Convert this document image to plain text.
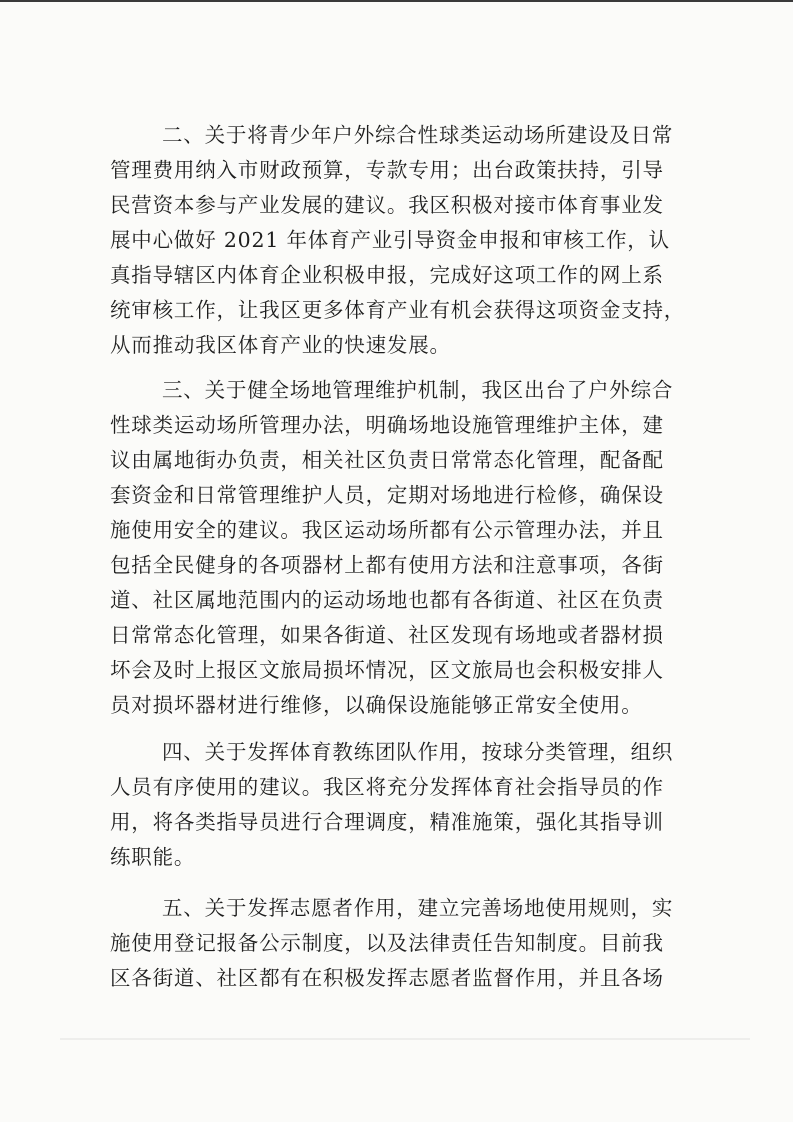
二、关于将青少年户外综合性球类运动场所建设及日常
管理费用纳入市财政预算，专款专用；出台政策扶持，引导
民营资本参与产业发展的建议。我区积极对接市体育事业发
展中心做好 2021 年体育产业引导资金申报和审核工作，认
真指导辖区内体育企业积极申报，完成好这项工作的网上系
统审核工作，让我区更多体育产业有机会获得这项资金支持，
从而推动我区体育产业的快速发展。

三、关于健全场地管理维护机制，我区出台了户外综合
性球类运动场所管理办法，明确场地设施管理维护主体，建
议由属地街办负责，相关社区负责日常常态化管理，配备配
套资金和日常管理维护人员，定期对场地进行检修，确保设
施使用安全的建议。我区运动场所都有公示管理办法，并且
包括全民健身的各项器材上都有使用方法和注意事项，各街
道、社区属地范围内的运动场地也都有各街道、社区在负责
日常常态化管理，如果各街道、社区发现有场地或者器材损
坏会及时上报区文旅局损坏情况，区文旅局也会积极安排人
员对损坏器材进行维修，以确保设施能够正常安全使用。

四、关于发挥体育教练团队作用，按球分类管理，组织
人员有序使用的建议。我区将充分发挥体育社会指导员的作
用，将各类指导员进行合理调度，精准施策，强化其指导训
练职能。

五、关于发挥志愿者作用，建立完善场地使用规则，实
施使用登记报备公示制度，以及法律责任告知制度。目前我
区各街道、社区都有在积极发挥志愿者监督作用，并且各场
